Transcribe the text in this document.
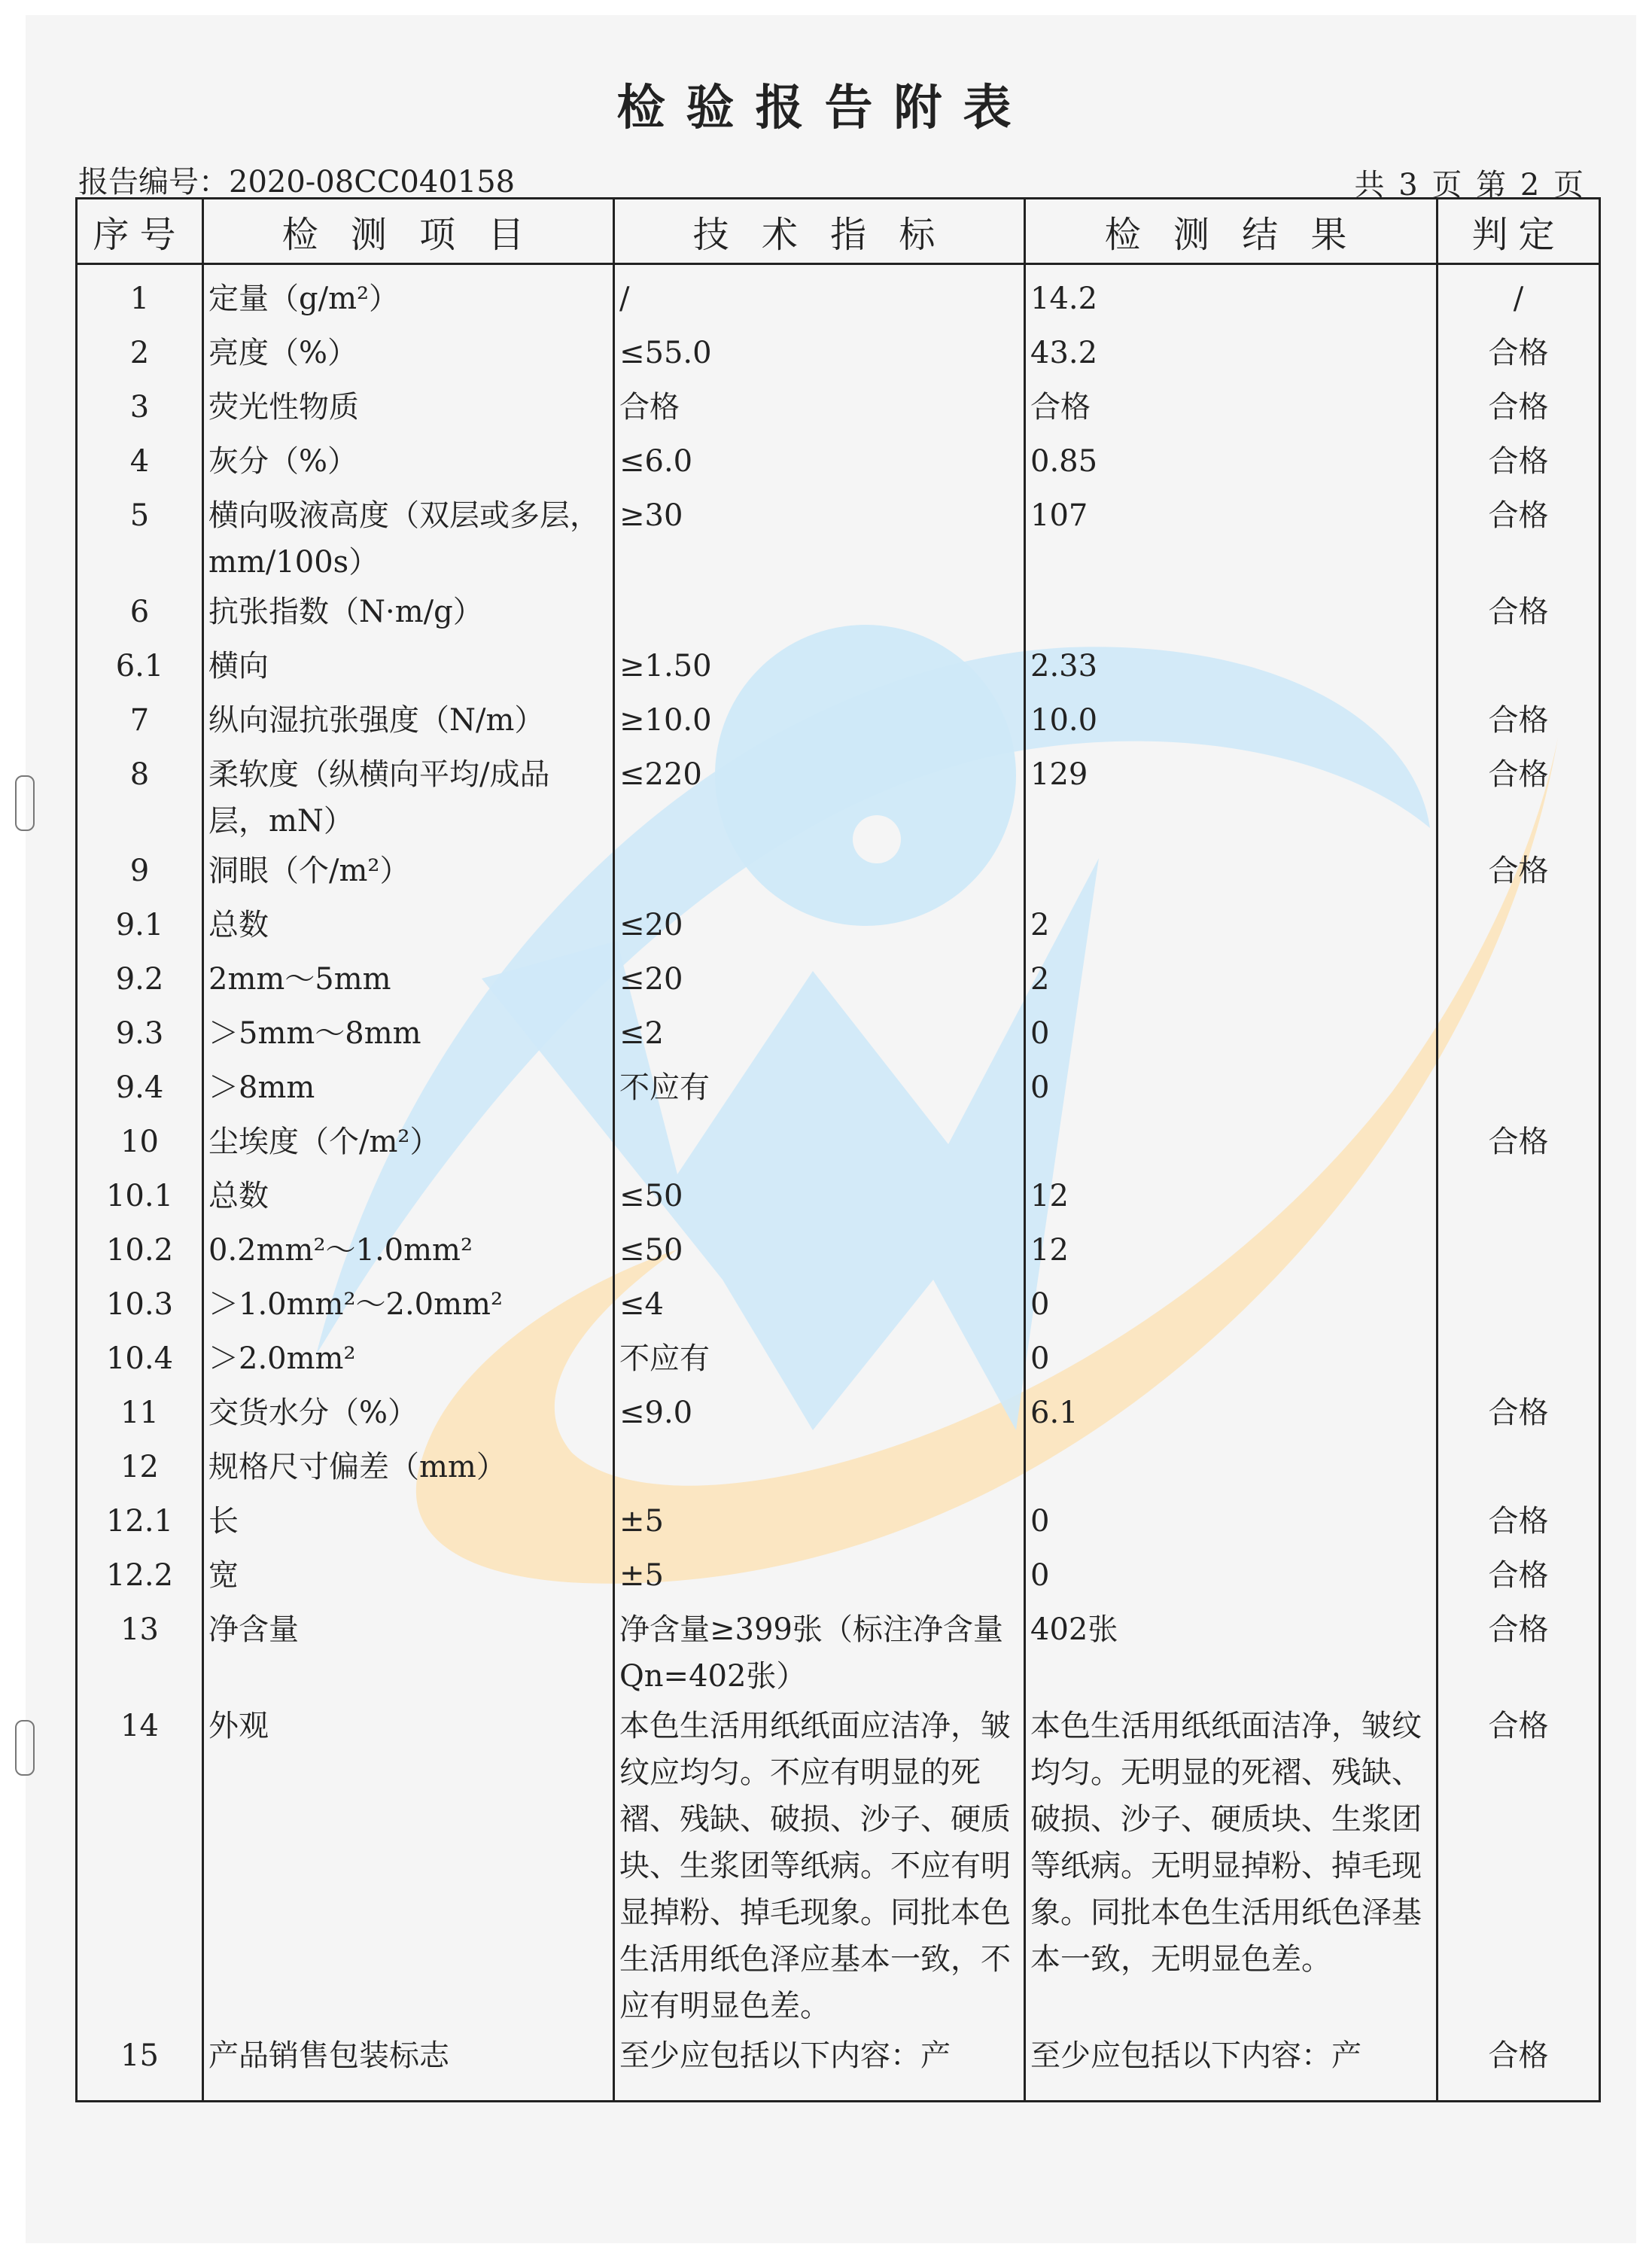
检验报告附表
报告编号：2020-08CC040158	共 3 页 第 2 页
序号	检 测 项 目	技 术 指 标	检 测 结 果	判定
1	定量（g/m²）	/	14.2	/
2	亮度（%）	≤55.0	43.2	合格
3	荧光性物质	合格	合格	合格
4	灰分（%）	≤6.0	0.85	合格
5	横向吸液高度（双层或多层，mm/100s）	≥30	107	合格
6	抗张指数（N·m/g）			合格
6.1	横向	≥1.50	2.33	
7	纵向湿抗张强度（N/m）	≥10.0	10.0	合格
8	柔软度（纵横向平均/成品层，mN）	≤220	129	合格
9	洞眼（个/m²）			合格
9.1	总数	≤20	2	
9.2	2mm～5mm	≤20	2	
9.3	＞5mm～8mm	≤2	0	
9.4	＞8mm	不应有	0	
10	尘埃度（个/m²）			合格
10.1	总数	≤50	12	
10.2	0.2mm²～1.0mm²	≤50	12	
10.3	＞1.0mm²～2.0mm²	≤4	0	
10.4	＞2.0mm²	不应有	0	
11	交货水分（%）	≤9.0	6.1	合格
12	规格尺寸偏差（mm）			
12.1	长	±5	0	合格
12.2	宽	±5	0	合格
13	净含量	净含量≥399张（标注净含量Qn=402张）	402张	合格
14	外观	本色生活用纸纸面应洁净，皱纹应均匀。不应有明显的死褶、残缺、破损、沙子、硬质块、生浆团等纸病。不应有明显掉粉、掉毛现象。同批本色生活用纸色泽应基本一致，不应有明显色差。	本色生活用纸纸面洁净，皱纹均匀。无明显的死褶、残缺、破损、沙子、硬质块、生浆团等纸病。无明显掉粉、掉毛现象。同批本色生活用纸色泽基本一致，无明显色差。	合格
15	产品销售包装标志	至少应包括以下内容：产	至少应包括以下内容：产	合格
